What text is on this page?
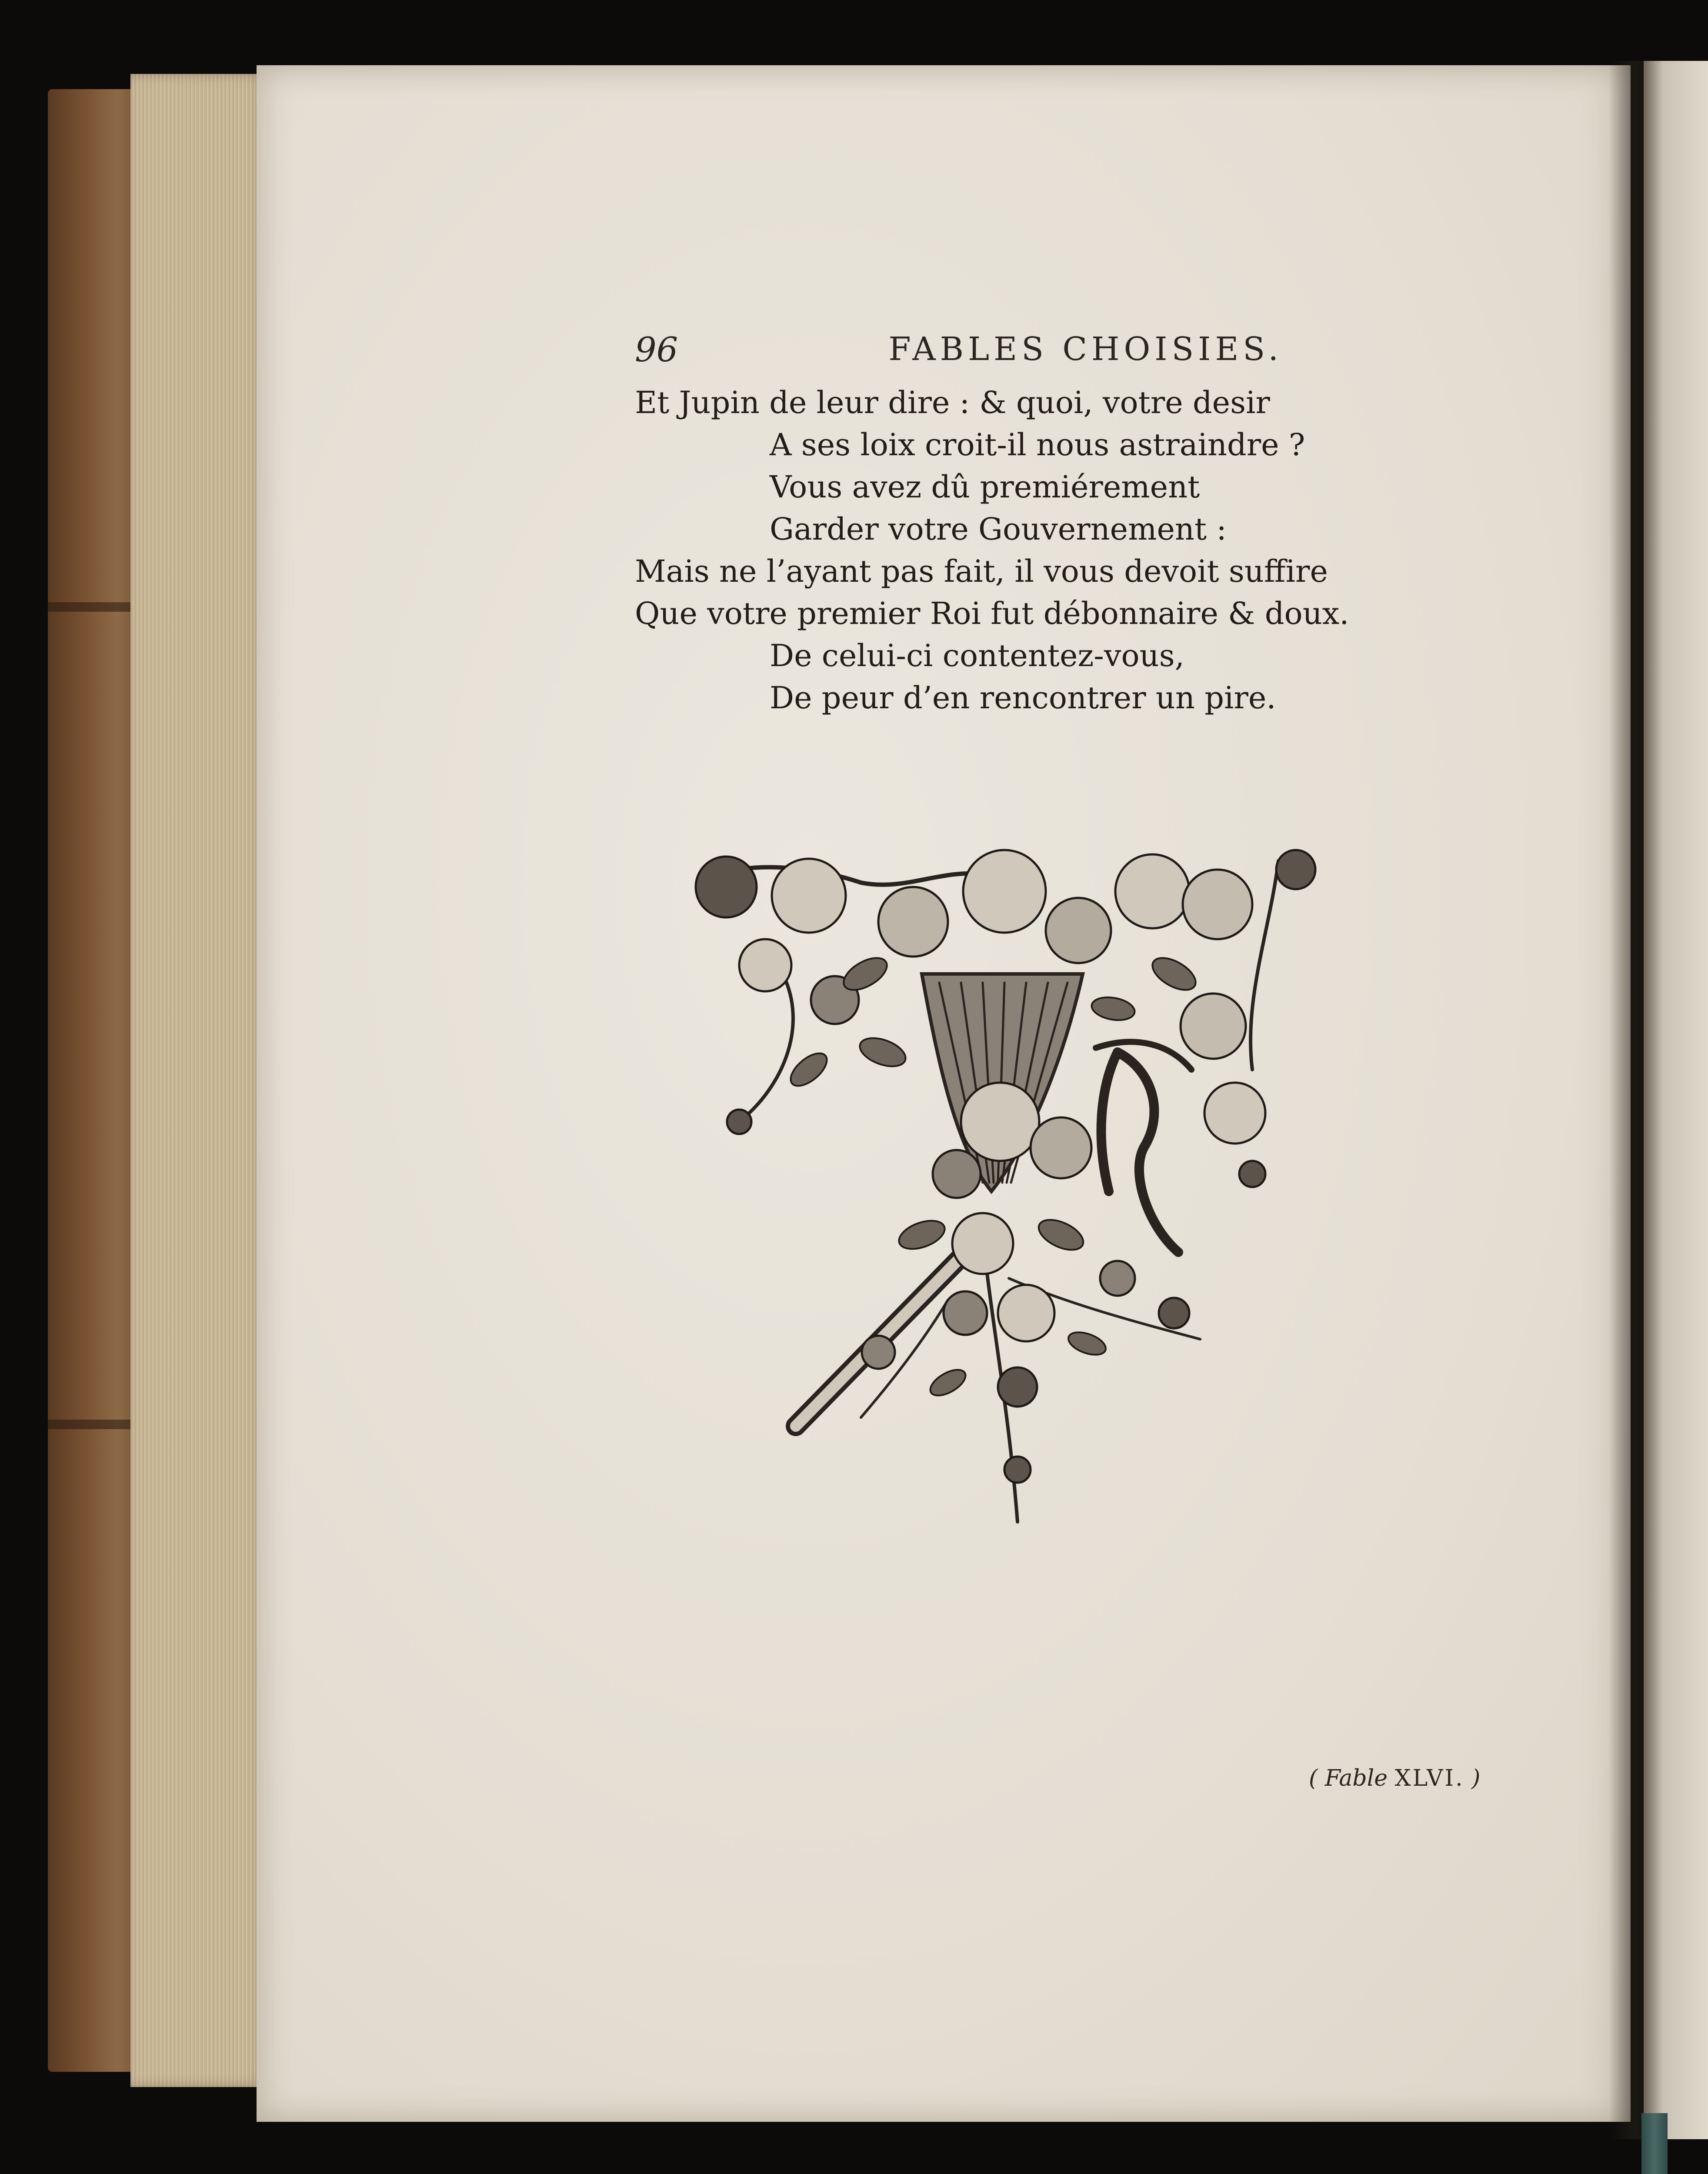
96	FABLES CHOISIES.
Et Jupin de leur dire : & quoi, votre desir
A ses loix croit-il nous astraindre ?
Vous avez dû premiérement
Garder votre Gouvernement :
Mais ne l’ayant pas fait, il vous devoit suffire
Que votre premier Roi fut débonnaire & doux.
De celui-ci contentez-vous,
De peur d’en rencontrer un pire.
( Fable XLVI. )
